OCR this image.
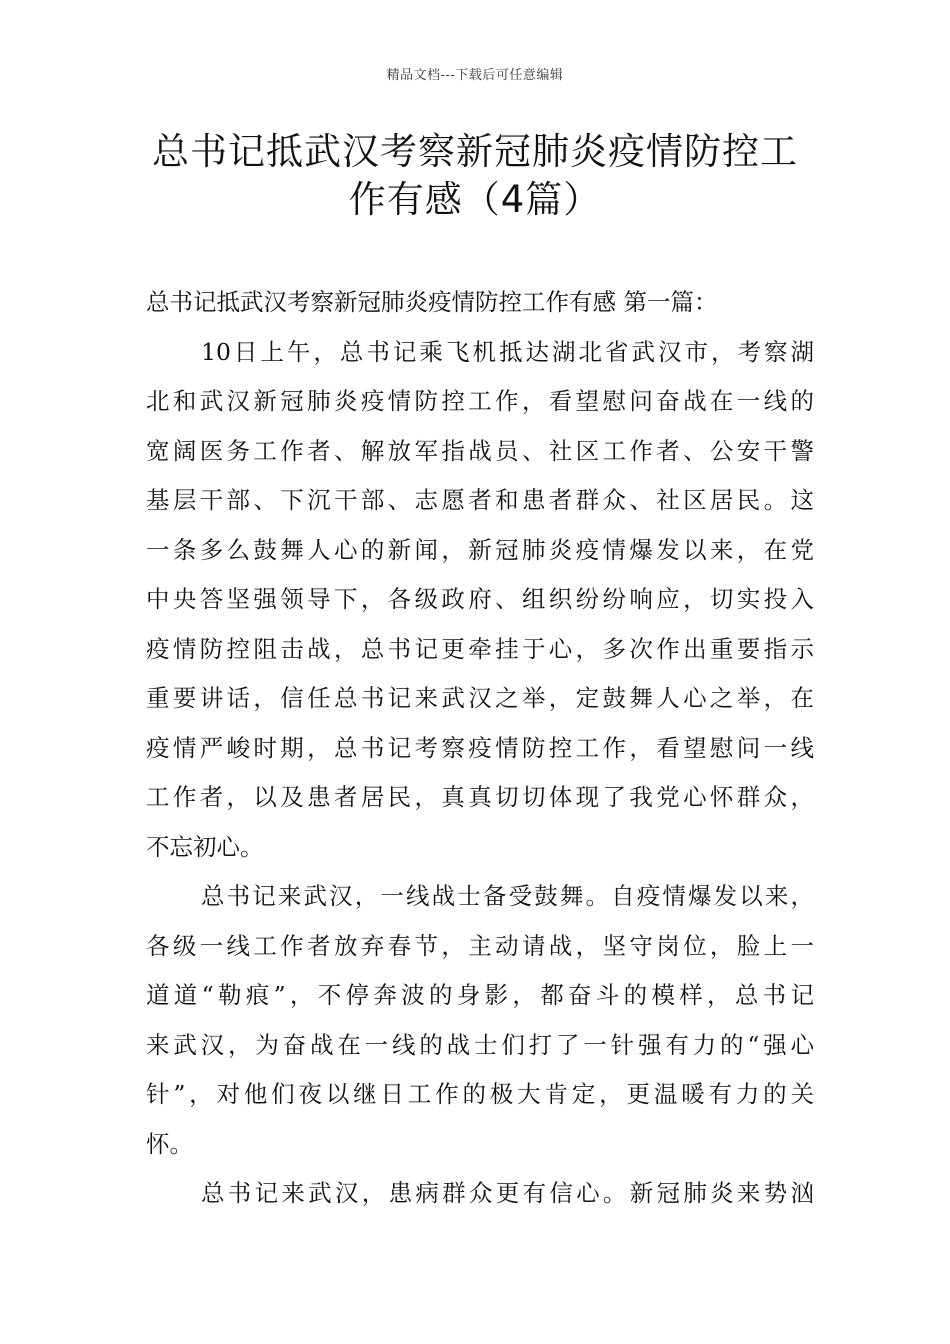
精品文档---下载后可任意编辑
总书记抵武汉考察新冠肺炎疫情防控工
作有感（4篇）
总书记抵武汉考察新冠肺炎疫情防控工作有感 第一篇：
10日上午，总书记乘飞机抵达湖北省武汉市，考察湖
北和武汉新冠肺炎疫情防控工作，看望慰问奋战在一线的
宽阔医务工作者、解放军指战员、社区工作者、公安干警
基层干部、下沉干部、志愿者和患者群众、社区居民。这
一条多么鼓舞人心的新闻，新冠肺炎疫情爆发以来，在党
中央答坚强领导下，各级政府、组织纷纷响应，切实投入
疫情防控阻击战，总书记更牵挂于心，多次作出重要指示
重要讲话，信任总书记来武汉之举，定鼓舞人心之举，在
疫情严峻时期，总书记考察疫情防控工作，看望慰问一线
工作者，以及患者居民，真真切切体现了我党心怀群众，
不忘初心。
总书记来武汉，一线战士备受鼓舞。自疫情爆发以来，
各级一线工作者放弃春节，主动请战，坚守岗位，脸上一
道道“勒痕”，不停奔波的身影，都奋斗的模样，总书记
来武汉，为奋战在一线的战士们打了一针强有力的“强心
针”，对他们夜以继日工作的极大肯定，更温暖有力的关
怀。
总书记来武汉，患病群众更有信心。新冠肺炎来势汹
